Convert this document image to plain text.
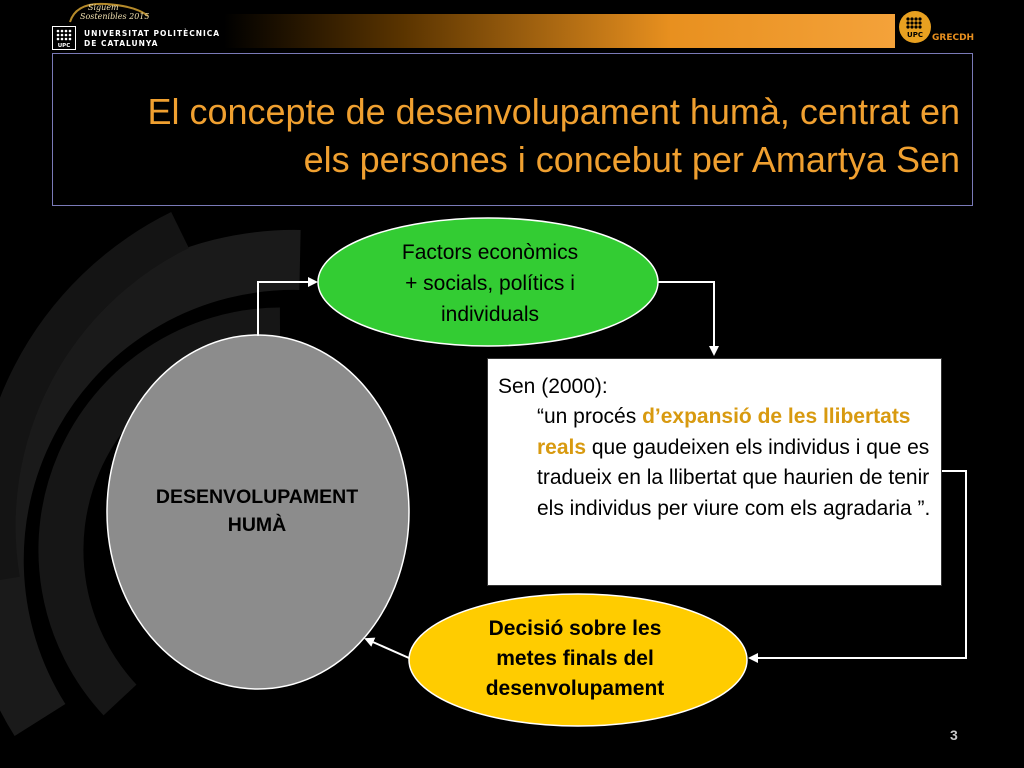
Siguem
Sostenibles 2015
UPC
UNIVERSITAT POLITÈCNICA
DE CATALUNYA
UPC GRECDH
El concepte de desenvolupament humà, centrat en
els persones i concebut per Amartya Sen
Factors econòmics
+ socials, polítics i
individuals
DESENVOLUPAMENT
HUMÀ
Decisió sobre les
metes finals del
desenvolupament
Sen (2000):
“un procés d’expansió de les llibertats reals que gaudeixen els individus i que es tradueix en la llibertat que haurien de tenir els individus per viure com els agradaria ”.
3
